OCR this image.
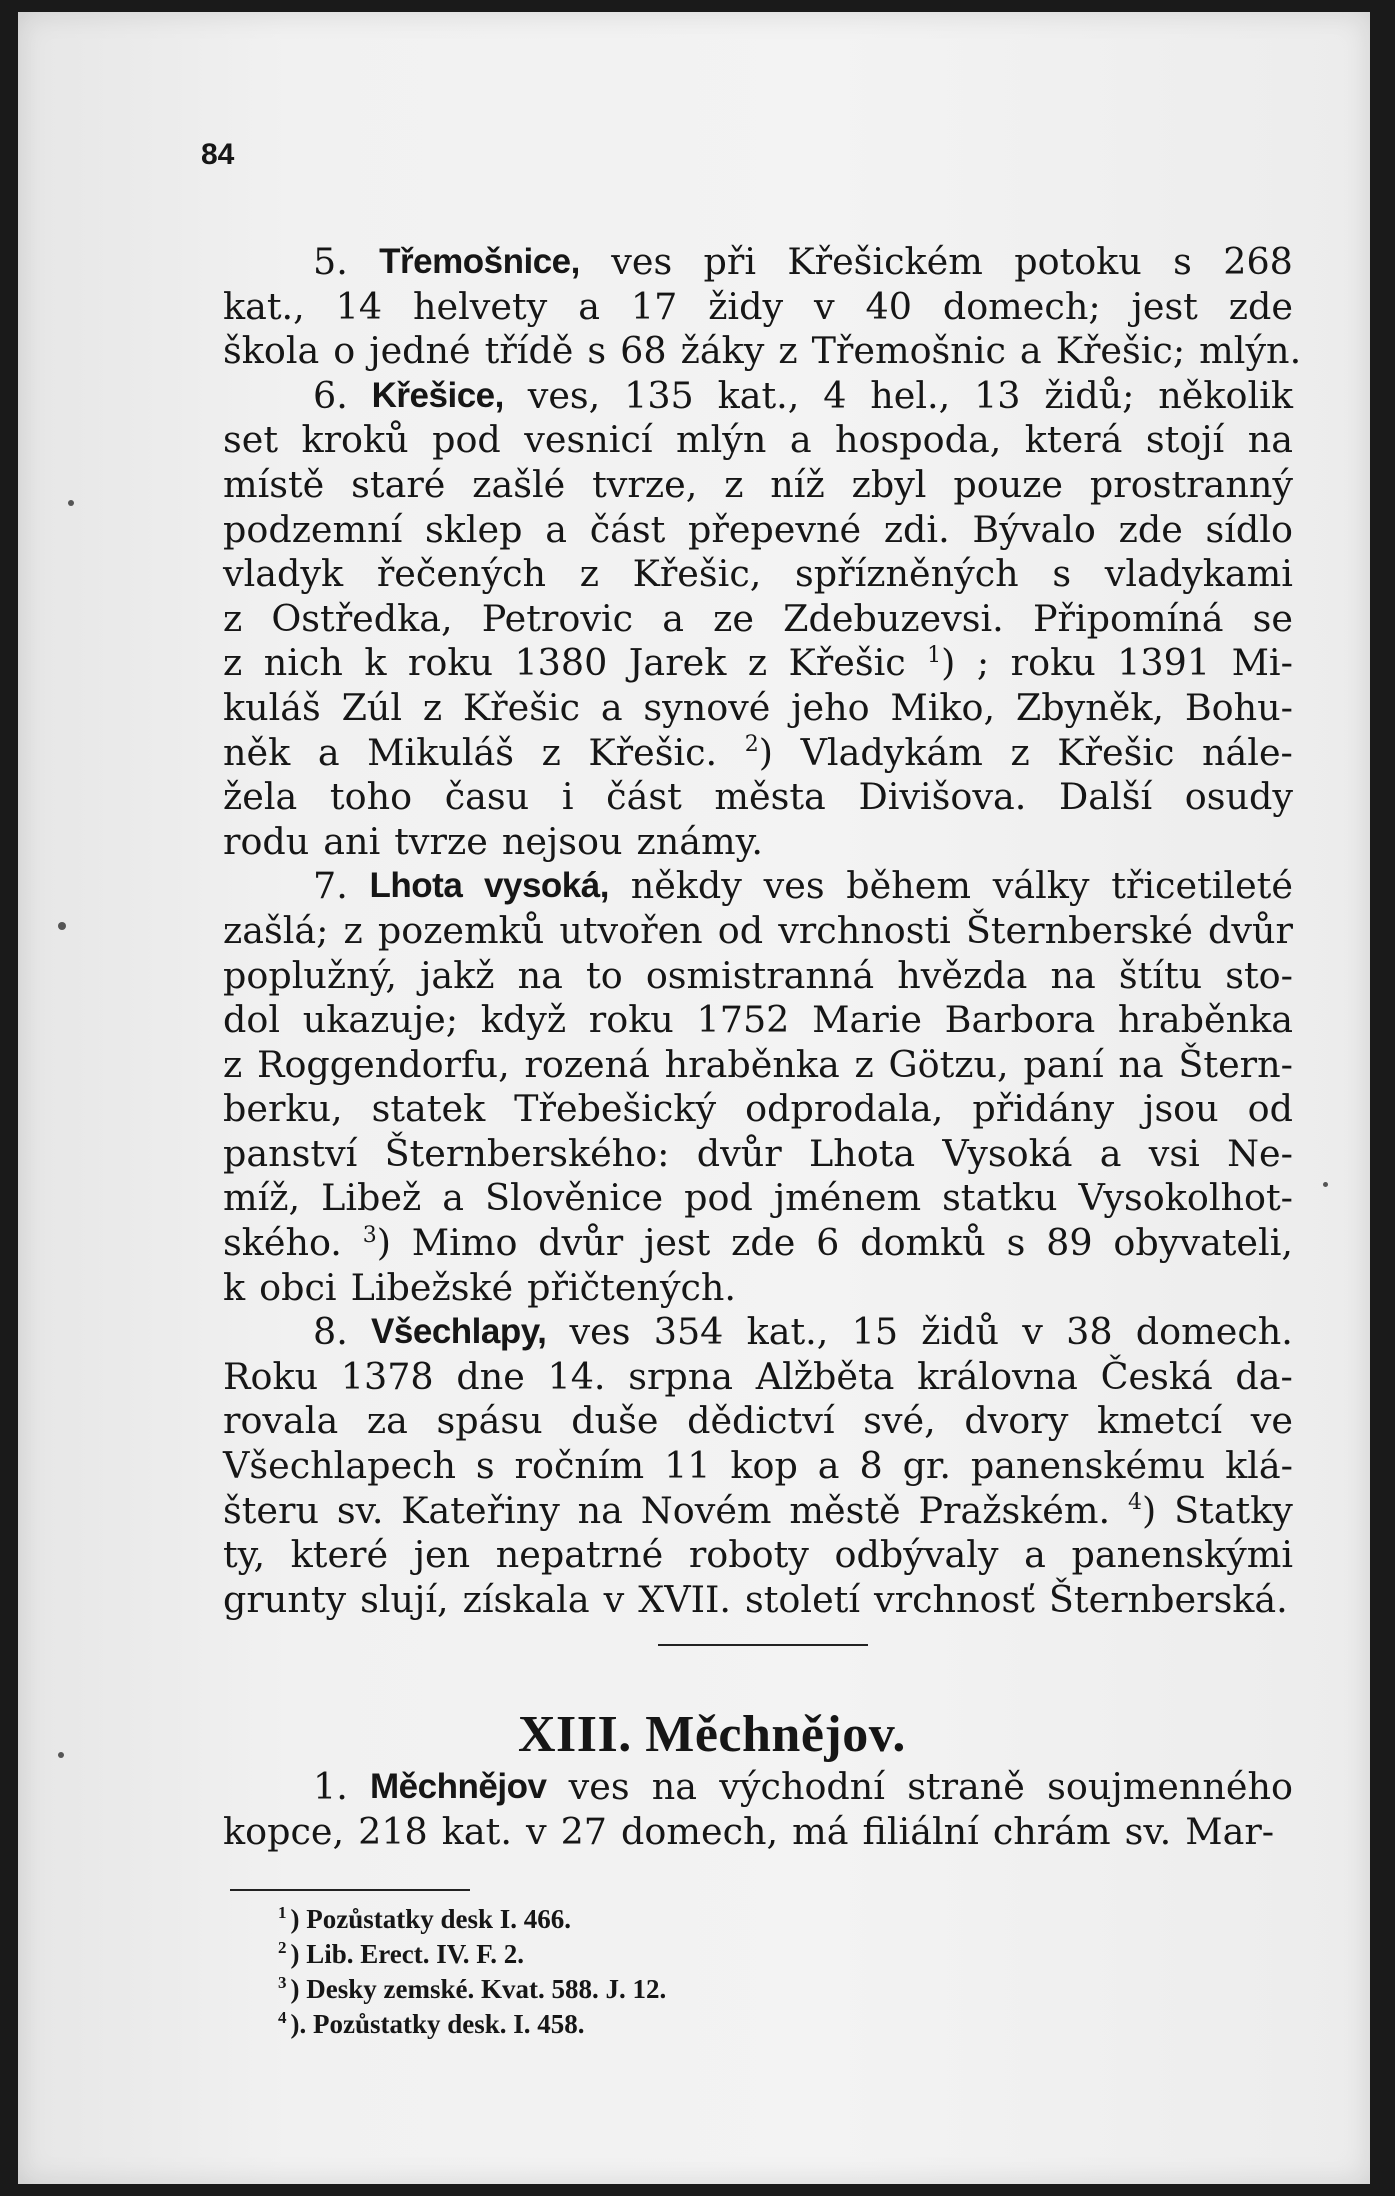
84
5. Třemošnice, ves při Křešickém potoku s 268
kat., 14 helvety a 17 židy v 40 domech; jest zde
škola o jedné třídě s 68 žáky z Třemošnic a Křešic; mlýn.
6. Křešice, ves, 135 kat., 4 hel., 13 židů; několik
set kroků pod vesnicí mlýn a hospoda, která stojí na
místě staré zašlé tvrze, z níž zbyl pouze prostranný
podzemní sklep a část přepevné zdi. Bývalo zde sídlo
vladyk řečených z Křešic, spřízněných s vladykami
z Ostředka, Petrovic a ze Zdebuzevsi. Připomíná se
z nich k roku 1380 Jarek z Křešic 1) ; roku 1391 Mi-
kuláš Zúl z Křešic a synové jeho Miko, Zbyněk, Bohu-
něk a Mikuláš z Křešic. 2) Vladykám z Křešic nále-
žela toho času i část města Divišova. Další osudy
rodu ani tvrze nejsou známy.
7. Lhota vysoká, někdy ves během války třicetileté
zašlá; z pozemků utvořen od vrchnosti Šternberské dvůr
poplužný, jakž na to osmistranná hvězda na štítu sto-
dol ukazuje; když roku 1752 Marie Barbora hraběnka
z Roggendorfu, rozená hraběnka z Götzu, paní na Štern-
berku, statek Třebešický odprodala, přidány jsou od
panství Šternberského: dvůr Lhota Vysoká a vsi Ne-
míž, Libež a Slověnice pod jménem statku Vysokolhot-
ského. 3) Mimo dvůr jest zde 6 domků s 89 obyvateli,
k obci Libežské přičtených.
8. Všechlapy, ves 354 kat., 15 židů v 38 domech.
Roku 1378 dne 14. srpna Alžběta královna Česká da-
rovala za spásu duše dědictví své, dvory kmetcí ve
Všechlapech s ročním 11 kop a 8 gr. panenskému klá-
šteru sv. Kateřiny na Novém městě Pražském. 4) Statky
ty, které jen nepatrné roboty odbývaly a panenskými
grunty slují, získala v XVII. století vrchnosť Šternberská.
XIII. Měchnějov.
1. Měchnějov ves na východní straně soujmenného
kopce, 218 kat. v 27 domech, má filiální chrám sv. Mar-
$^1$ ) Pozůstatky desk I. 466.
$^2$ ) Lib. Erect. IV. F. 2.
$^3$ ) Desky zemské. Kvat. 588. J. 12.
$^4$ ). Pozůstatky desk. I. 458.
